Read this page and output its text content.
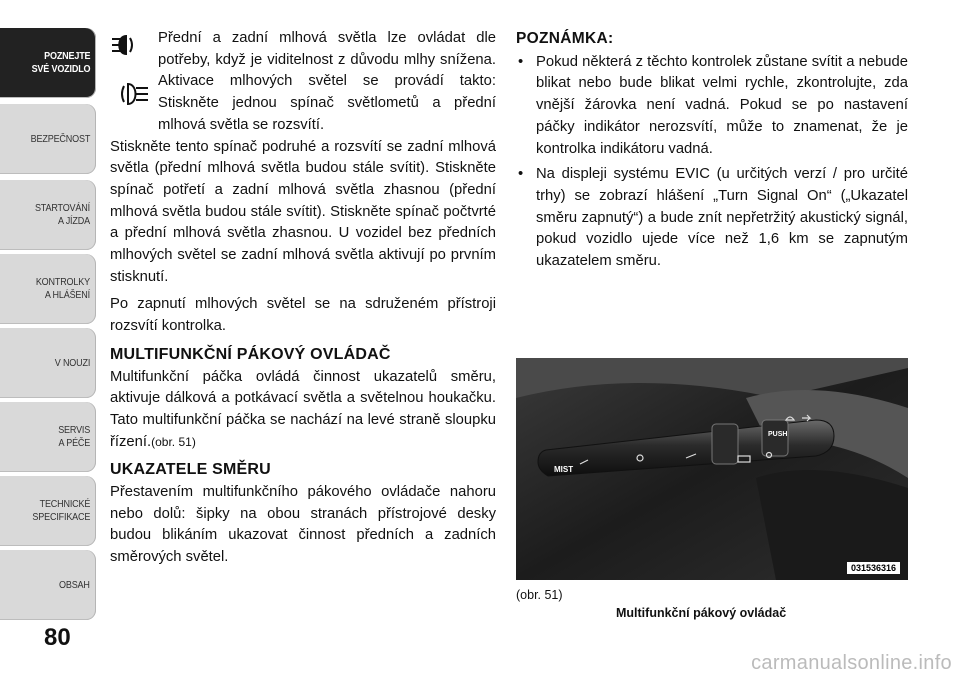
POZNEJTE
SVÉ VOZIDLO
BEZPEČNOST
STARTOVÁNÍ
A JÍZDA
KONTROLKY
A HLÁŠENÍ
V NOUZI
SERVIS
A PÉČE
TECHNICKÉ
SPECIFIKACE
OBSAH
80

Přední a zadní mlhová světla lze ovládat dle potřeby, když je viditelnost z důvodu mlhy snížena. Aktivace mlhových světel se provádí takto: Stiskněte jednou spínač světlometů a přední mlhová světla se rozsvítí.

Stiskněte tento spínač podruhé a rozsvítí se zadní mlhová světla (přední mlhová světla budou stále svítit). Stiskněte spínač potřetí a zadní mlhová světla zhasnou (přední mlhová světla budou stále svítit). Stiskněte spínač počtvrté a přední mlhová světla zhasnou. U vozidel bez předních mlhových světel se zadní mlhová světla aktivují po prvním stisknutí.

Po zapnutí mlhových světel se na sdruženém přístroji rozsvítí kontrolka.

MULTIFUNKČNÍ PÁKOVÝ OVLÁDAČ

Multifunkční páčka ovládá činnost ukazatelů směru, aktivuje dálková a potkávací světla a světelnou houkačku. Tato multifunkční páčka se nachází na levé straně sloupku řízení.(obr. 51)

UKAZATELE SMĚRU

Přestavením multifunkčního pákového ovládače nahoru nebo dolů: šipky na obou stranách přístrojové desky budou blikáním ukazovat činnost předních a zadních směrových světel.

POZNÁMKA:
• Pokud některá z těchto kontrolek zůstane svítit a nebude blikat nebo bude blikat velmi rychle, zkontrolujte, zda vnější žárovka není vadná. Pokud se po nastavení páčky indikátor nerozsvítí, může to znamenat, že je kontrolka indikátoru vadná.
• Na displeji systému EVIC (u určitých verzí / pro určité trhy) se zobrazí hlášení „Turn Signal On“ („Ukazatel směru zapnutý“) a bude znít nepřetržitý akustický signál, pokud vozidlo ujede více než 1,6 km se zapnutým ukazatelem směru.
MIST
PUSH
031536316
(obr. 51)
Multifunkční pákový ovládač
carmanualsonline.info
